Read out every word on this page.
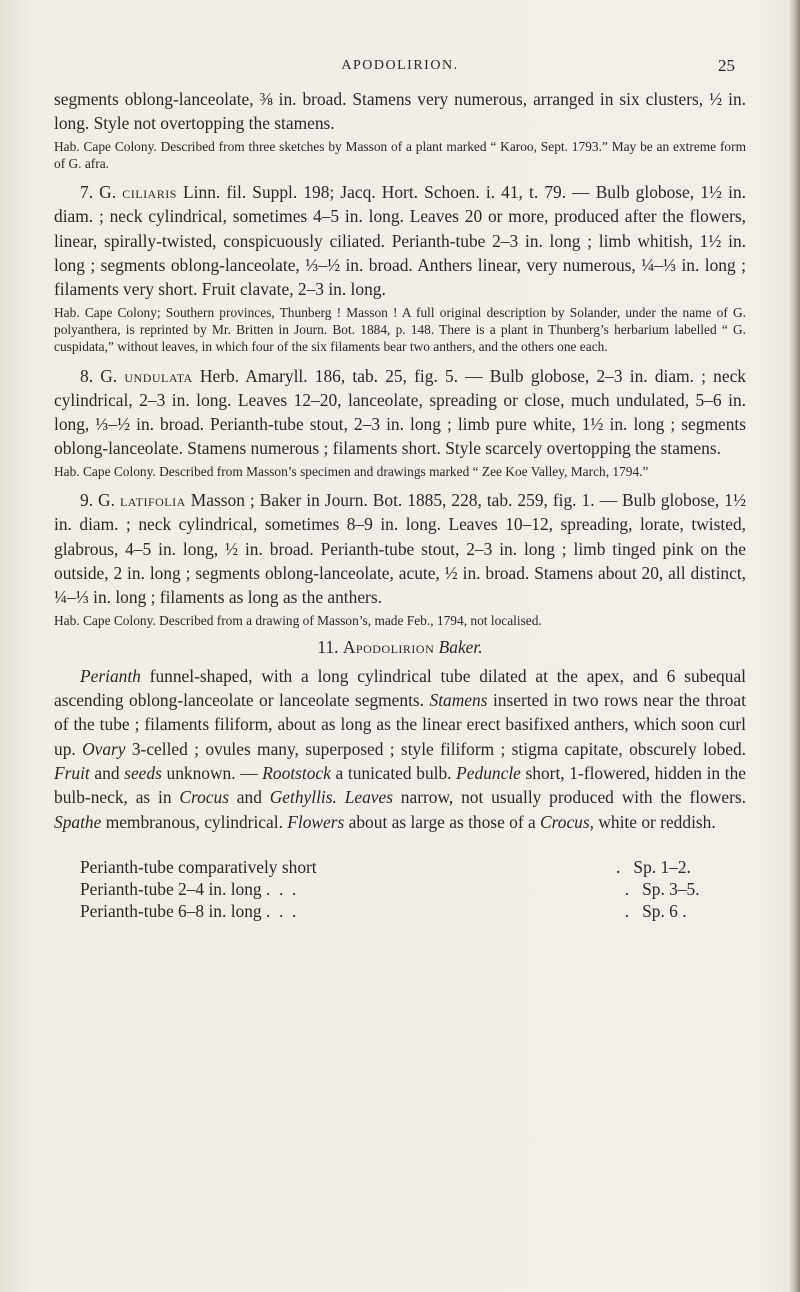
APODOLIRION.	25

segments oblong-lanceolate, ⅜ in. broad. Stamens very numerous, arranged in six clusters, ½ in. long. Style not overtopping the stamens.

Hab. Cape Colony. Described from three sketches by Masson of a plant marked “ Karoo, Sept. 1793.” May be an extreme form of G. afra.

7. G. ciliaris Linn. fil. Suppl. 198; Jacq. Hort. Schoen. i. 41, t. 79. — Bulb globose, 1½ in. diam. ; neck cylindrical, sometimes 4–5 in. long. Leaves 20 or more, produced after the flowers, linear, spirally-twisted, conspicuously ciliated. Perianth-tube 2–3 in. long ; limb whitish, 1½ in. long ; segments oblong-lanceolate, ⅓–½ in. broad. Anthers linear, very numerous, ¼–⅓ in. long ; filaments very short. Fruit clavate, 2–3 in. long.

Hab. Cape Colony; Southern provinces, Thunberg ! Masson ! A full original description by Solander, under the name of G. polyanthera, is reprinted by Mr. Britten in Journ. Bot. 1884, p. 148. There is a plant in Thunberg’s herbarium labelled “ G. cuspidata,” without leaves, in which four of the six filaments bear two anthers, and the others one each.

8. G. undulata Herb. Amaryll. 186, tab. 25, fig. 5. — Bulb globose, 2–3 in. diam. ; neck cylindrical, 2–3 in. long. Leaves 12–20, lanceolate, spreading or close, much undulated, 5–6 in. long, ⅓–½ in. broad. Perianth-tube stout, 2–3 in. long ; limb pure white, 1½ in. long ; segments oblong-lanceolate. Stamens numerous ; filaments short. Style scarcely overtopping the stamens.

Hab. Cape Colony. Described from Masson’s specimen and drawings marked “ Zee Koe Valley, March, 1794.”

9. G. latifolia Masson ; Baker in Journ. Bot. 1885, 228, tab. 259, fig. 1. — Bulb globose, 1½ in. diam. ; neck cylindrical, sometimes 8–9 in. long. Leaves 10–12, spreading, lorate, twisted, glabrous, 4–5 in. long, ½ in. broad. Perianth-tube stout, 2–3 in. long ; limb tinged pink on the outside, 2 in. long ; segments oblong-lanceolate, acute, ½ in. broad. Stamens about 20, all distinct, ¼–⅓ in. long ; filaments as long as the anthers.

Hab. Cape Colony. Described from a drawing of Masson’s, made Feb., 1794, not localised.

11. Apodolirion Baker.

Perianth funnel-shaped, with a long cylindrical tube dilated at the apex, and 6 subequal ascending oblong-lanceolate or lanceolate segments. Stamens inserted in two rows near the throat of the tube ; filaments filiform, about as long as the linear erect basifixed anthers, which soon curl up. Ovary 3-celled ; ovules many, superposed ; style filiform ; stigma capitate, obscurely lobed. Fruit and seeds unknown. — Rootstock a tunicated bulb. Peduncle short, 1-flowered, hidden in the bulb-neck, as in Crocus and Gethyllis. Leaves narrow, not usually produced with the flowers. Spathe membranous, cylindrical. Flowers about as large as those of a Crocus, white or reddish.

Perianth-tube comparatively short	. Sp. 1–2.
Perianth-tube 2–4 in. long .  .  .	.   Sp. 3–5.
Perianth-tube 6–8 in. long .  .  .	.   Sp. 6 .
